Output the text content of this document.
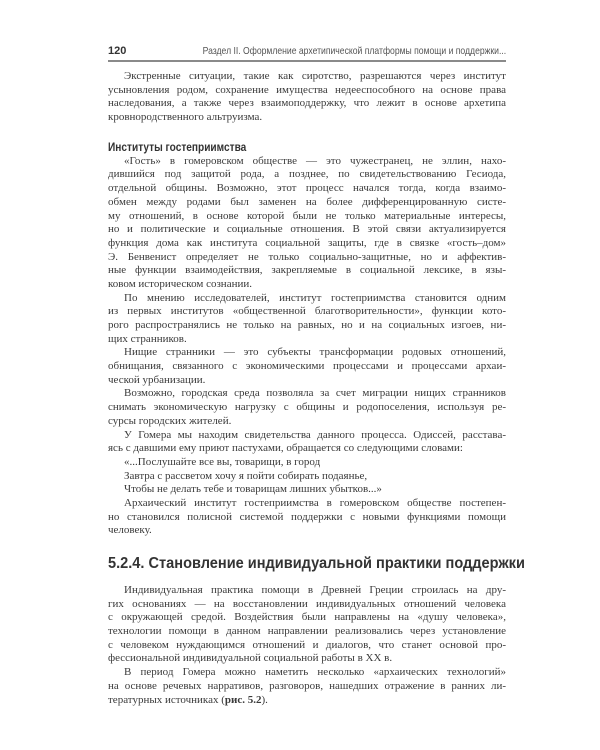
120	Раздел II. Оформление архетипической платформы помощи и поддержки...
Экстренные ситуации, такие как сиротство, разрешаются через институт
усыновления родом, сохранение имущества недееспособного на основе права
наследования, а также через взаимоподдержку, что лежит в основе архетипа
кровнородственного альтруизма.
Институты гостеприимства
«Гость» в гомеровском обществе — это чужестранец, не эллин, нахо-
дившийся под защитой рода, а позднее, по свидетельствованию Гесиода,
отдельной общины. Возможно, этот процесс начался тогда, когда взаимо-
обмен между родами был заменен на более дифференцированную систе-
му отношений, в основе которой были не только материальные интересы,
но и политические и социальные отношения. В этой связи актуализируется
функция дома как института социальной защиты, где в связке «гость–дом»
Э. Бенвенист определяет не только социально-защитные, но и аффектив-
ные функции взаимодействия, закрепляемые в социальной лексике, в язы-
ковом историческом сознании.
По мнению исследователей, институт гостеприимства становится одним
из первых институтов «общественной благотворительности», функции кото-
рого распространялись не только на равных, но и на социальных изгоев, ни-
щих странников.
Нищие странники — это субъекты трансформации родовых отношений,
обнищания, связанного с экономическими процессами и процессами архаи-
ческой урбанизации.
Возможно, городская среда позволяла за счет миграции нищих странников
снимать экономическую нагрузку с общины и родопоселения, используя ре-
сурсы городских жителей.
У Гомера мы находим свидетельства данного процесса. Одиссей, расстава-
ясь с давшими ему приют пастухами, обращается со следующими словами:
«...Послушайте все вы, товарищи, в город
Завтра с рассветом хочу я пойти собирать подаянье,
Чтобы не делать тебе и товарищам лишних убытков...»
Архаический институт гостеприимства в гомеровском обществе постепен-
но становился полисной системой поддержки с новыми функциями помощи
человеку.
5.2.4. Становление индивидуальной практики поддержки
Индивидуальная практика помощи в Древней Греции строилась на дру-
гих основаниях — на восстановлении индивидуальных отношений человека
с окружающей средой. Воздействия были направлены на «душу человека»,
технологии помощи в данном направлении реализовались через установление
с человеком нуждающимся отношений и диалогов, что станет основой про-
фессиональной индивидуальной социальной работы в XX в.
В период Гомера можно наметить несколько «архаических технологий»
на основе речевых нарративов, разговоров, нашедших отражение в ранних ли-
тературных источниках (рис. 5.2).
